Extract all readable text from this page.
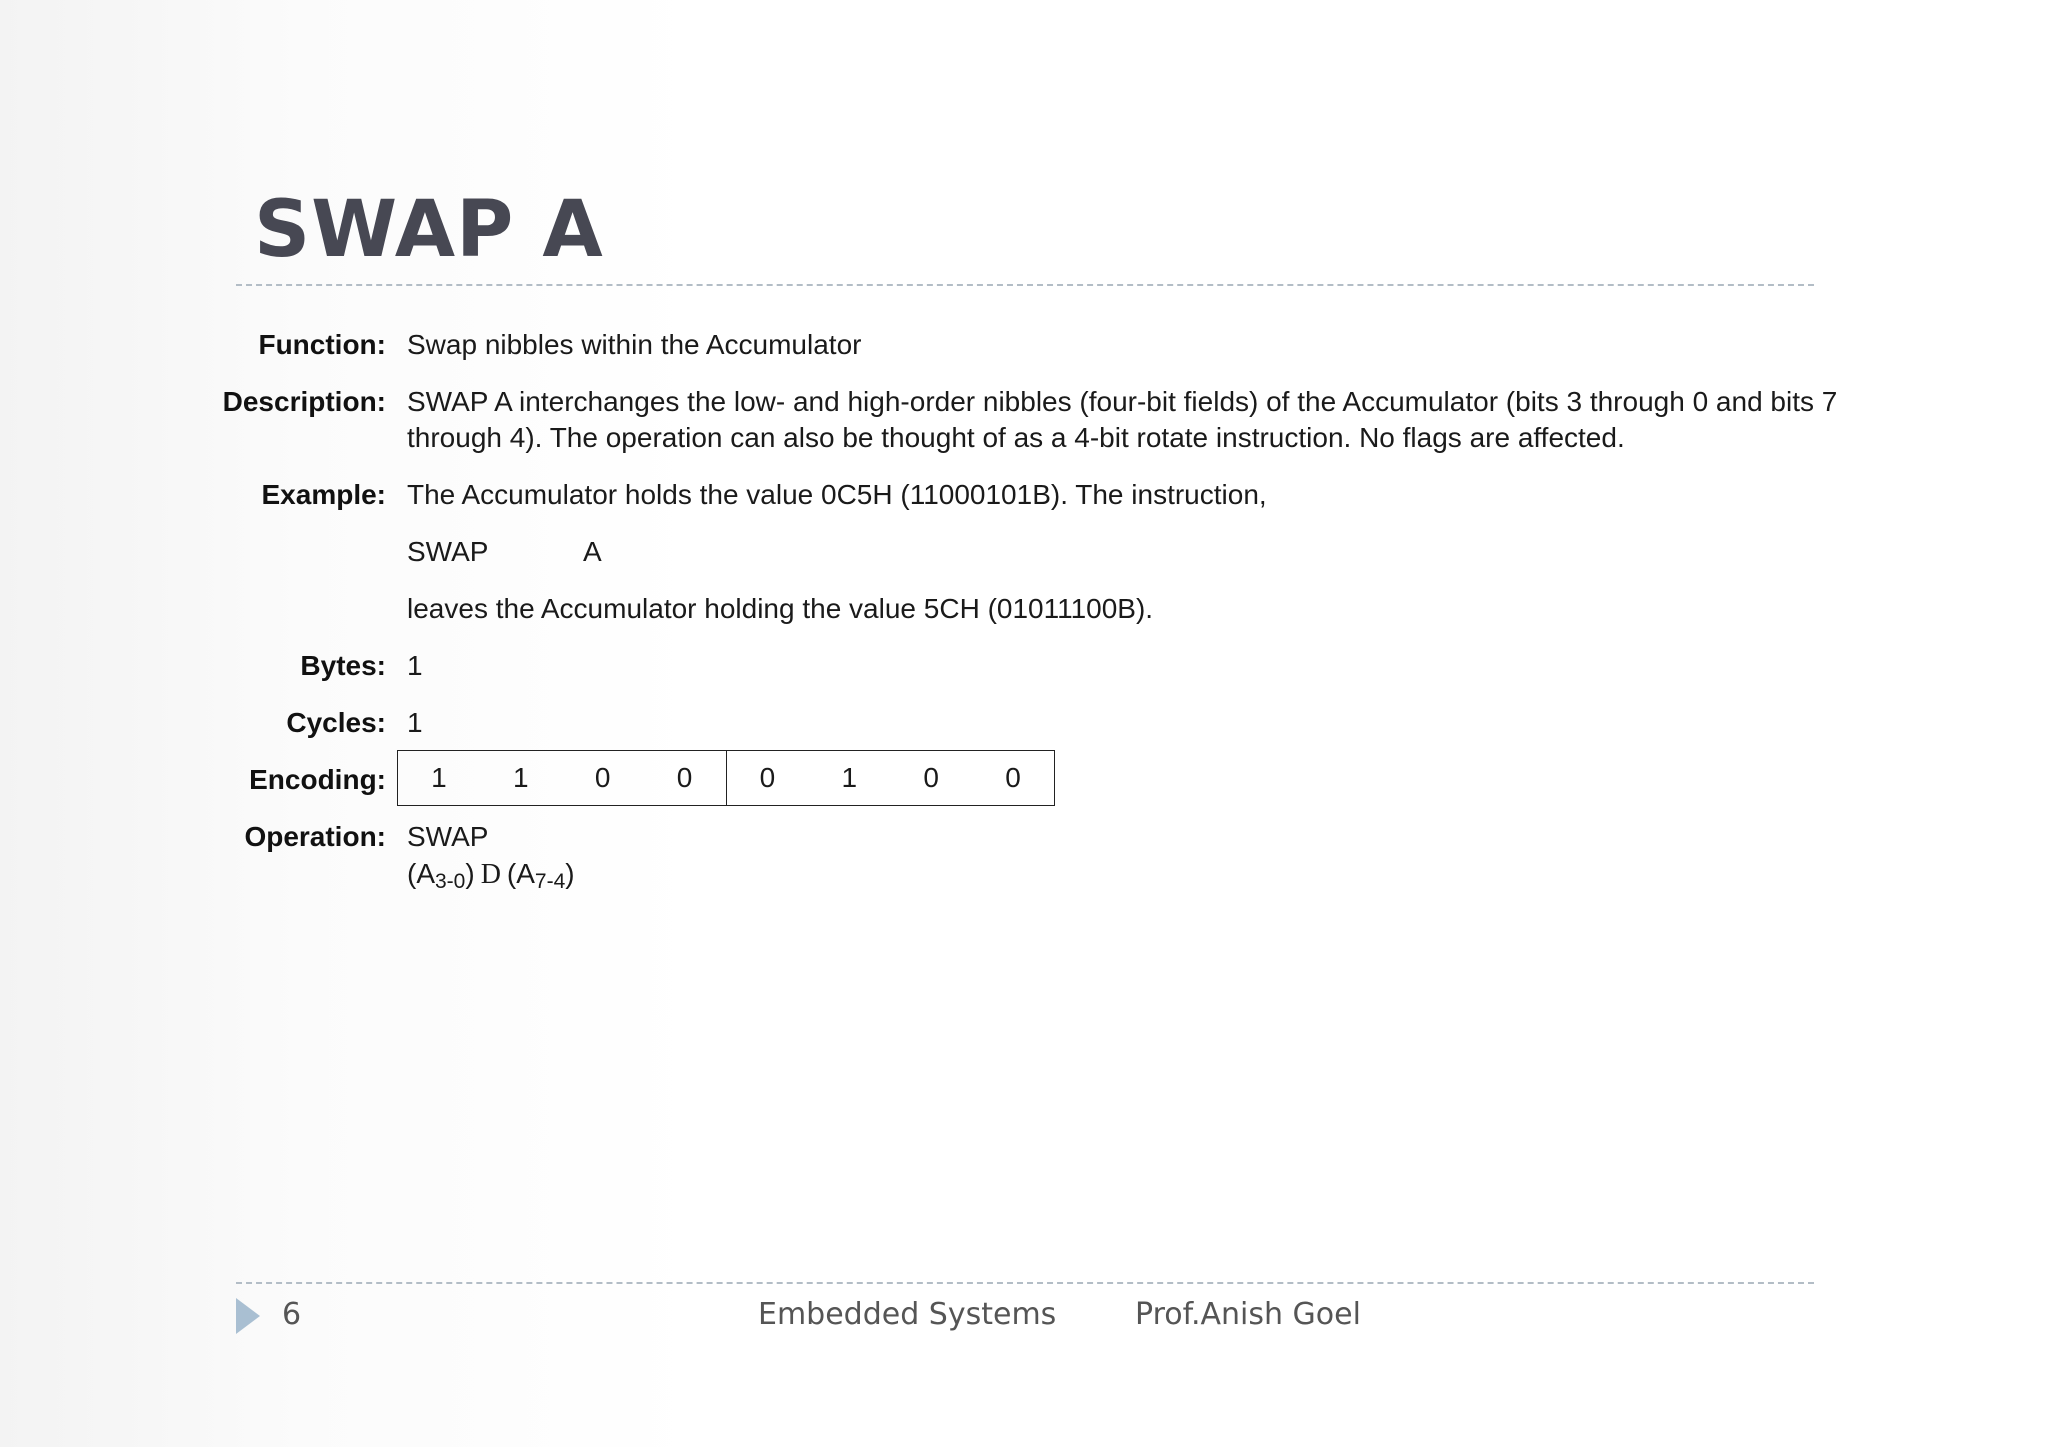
SWAP A
Function: Swap nibbles within the Accumulator
Description: SWAP A interchanges the low- and high-order nibbles (four-bit fields) of the Accumulator (bits 3 through 0 and bits 7 through 4). The operation can also be thought of as a 4-bit rotate instruction. No flags are affected.
Example: The Accumulator holds the value 0C5H (11000101B). The instruction,
SWAP	A
leaves the Accumulator holding the value 5CH (01011100B).
Bytes: 1
Cycles: 1
Encoding:	1	1	0	0	0	1	0	0
Operation: SWAP
$(A_{3-0})$ D $(A_{7-4})$
6	Embedded Systems	Prof.Anish Goel
